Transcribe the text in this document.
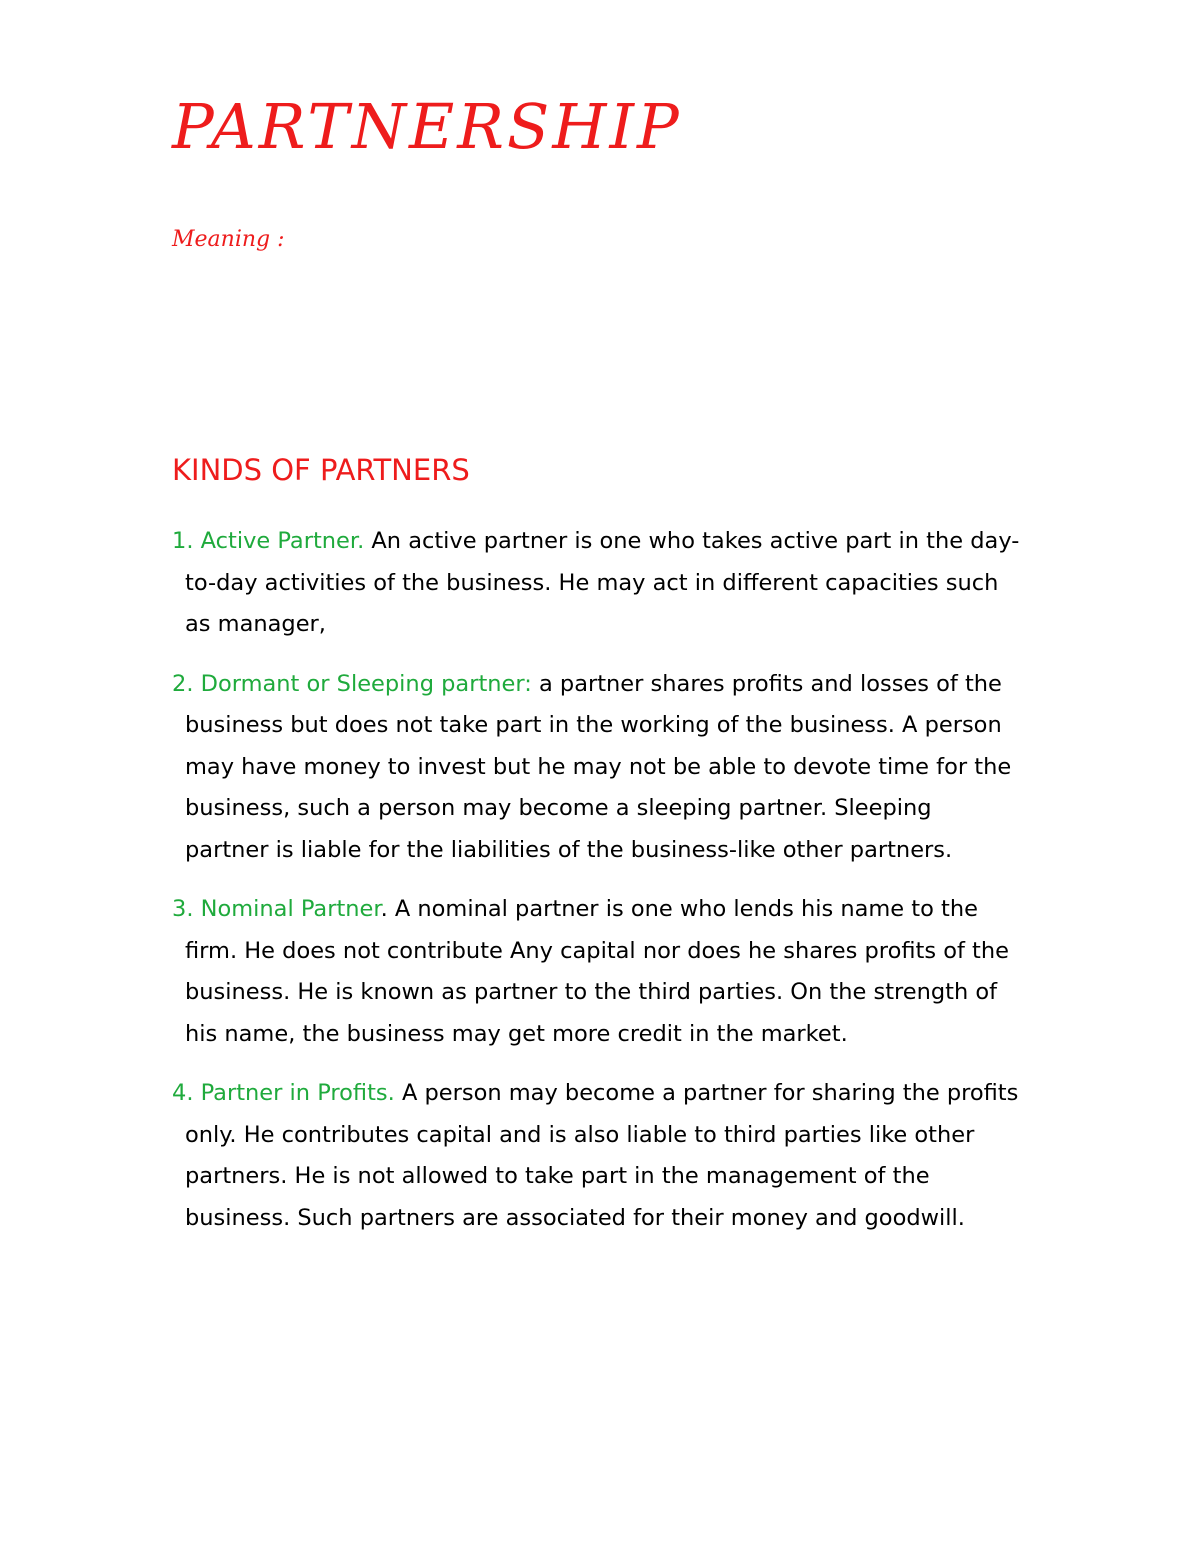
PARTNERSHIP
Meaning :
KINDS OF PARTNERS

1. Active Partner. An active partner is one who takes active part in the day-to-day activities of the business. He may act in different capacities such as manager,

2. Dormant or Sleeping partner: a partner shares profits and losses of the business but does not take part in the working of the business. A person may have money to invest but he may not be able to devote time for the business, such a person may become a sleeping partner. Sleeping partner is liable for the liabilities of the business-like other partners.

3. Nominal Partner. A nominal partner is one who lends his name to the firm. He does not contribute Any capital nor does he shares profits of the business. He is known as partner to the third parties. On the strength of his name, the business may get more credit in the market.

4. Partner in Profits. A person may become a partner for sharing the profits only. He contributes capital and is also liable to third parties like other partners. He is not allowed to take part in the management of the business. Such partners are associated for their money and goodwill.
